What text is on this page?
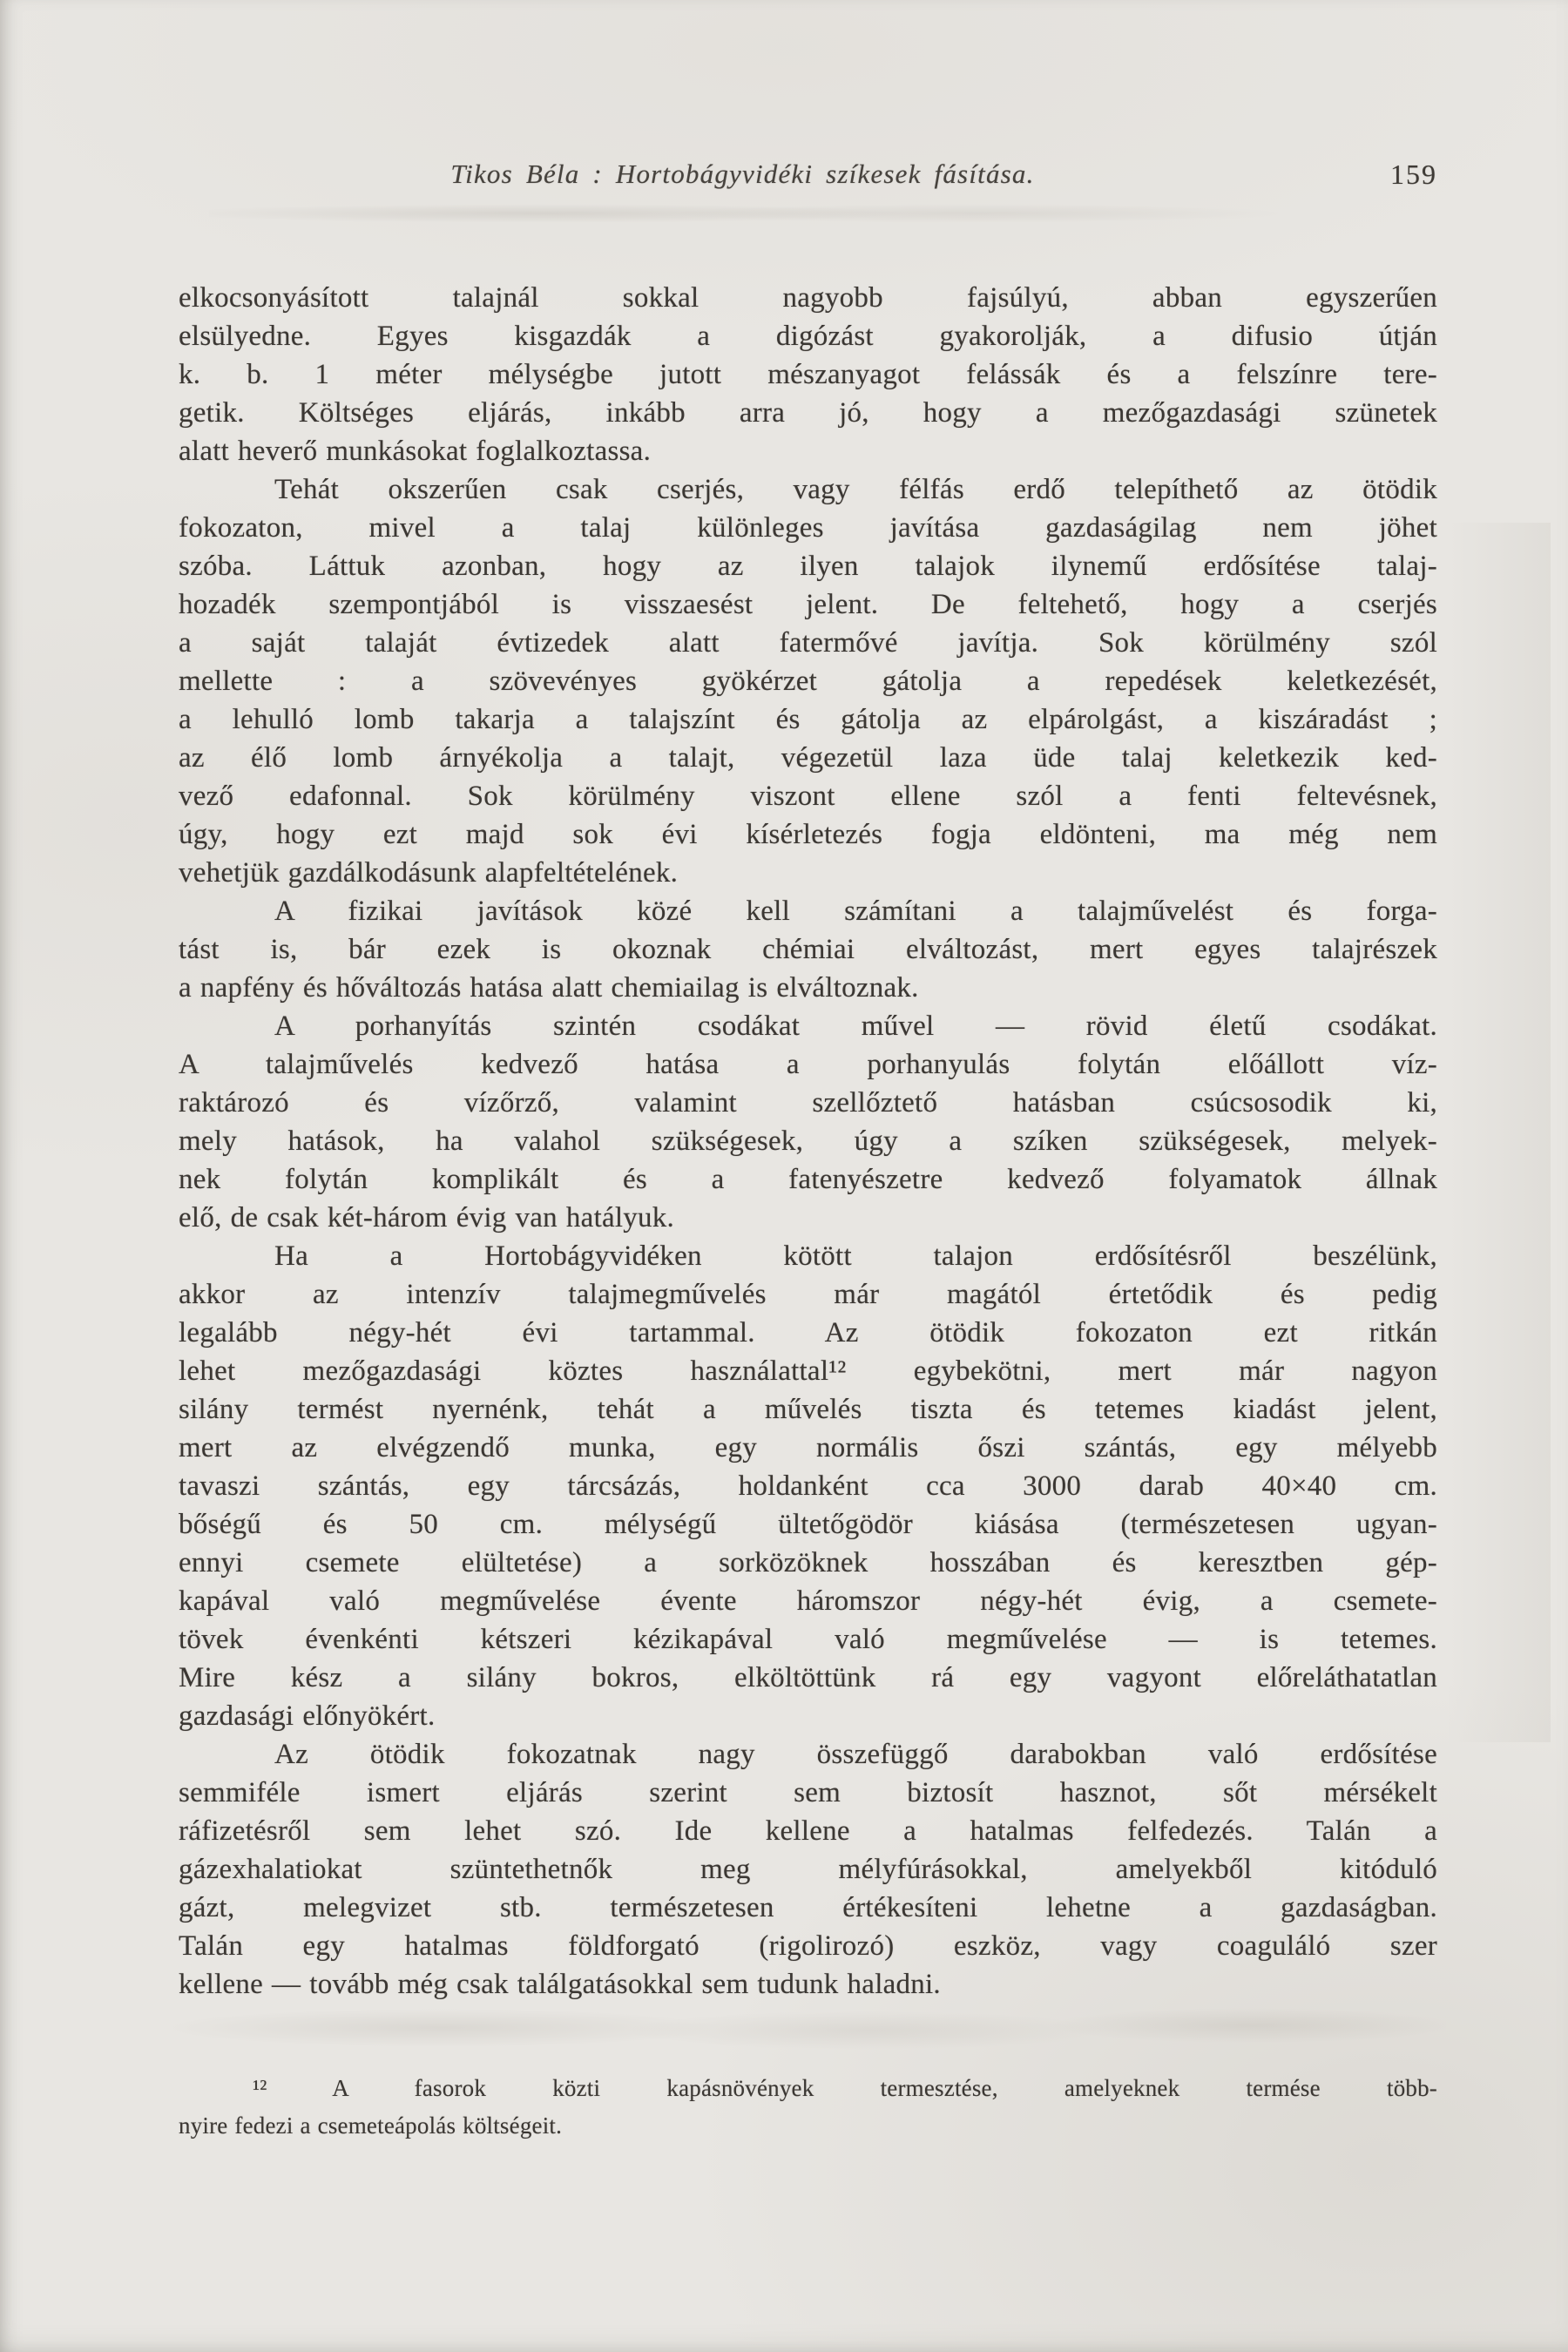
Tikos Béla : Hortobágyvidéki szíkesek fásítása.	159
elkocsonyásított talajnál sokkal nagyobb fajsúlyú, abban egyszerűen
elsülyedne. Egyes kisgazdák a digózást gyakorolják, a difusio útján
k. b. 1 méter mélységbe jutott mészanyagot felássák és a felszínre tere-
getik. Költséges eljárás, inkább arra jó, hogy a mezőgazdasági szünetek
alatt heverő munkásokat foglalkoztassa.
Tehát okszerűen csak cserjés, vagy félfás erdő telepíthető az ötödik
fokozaton, mivel a talaj különleges javítása gazdaságilag nem jöhet
szóba. Láttuk azonban, hogy az ilyen talajok ilynemű erdősítése talaj-
hozadék szempontjából is visszaesést jelent. De feltehető, hogy a cserjés
a saját talaját évtizedek alatt fatermővé javítja. Sok körülmény szól
mellette : a szövevényes gyökérzet gátolja a repedések keletkezését,
a lehulló lomb takarja a talajszínt és gátolja az elpárolgást, a kiszáradást ;
az élő lomb árnyékolja a talajt, végezetül laza üde talaj keletkezik ked-
vező edafonnal. Sok körülmény viszont ellene szól a fenti feltevésnek,
úgy, hogy ezt majd sok évi kísérletezés fogja eldönteni, ma még nem
vehetjük gazdálkodásunk alapfeltételének.
A fizikai javítások közé kell számítani a talajművelést és forga-
tást is, bár ezek is okoznak chémiai elváltozást, mert egyes talajrészek
a napfény és hőváltozás hatása alatt chemiailag is elváltoznak.
A porhanyítás szintén csodákat művel — rövid életű csodákat.
A talajművelés kedvező hatása a porhanyulás folytán előállott víz-
raktározó és vízőrző, valamint szellőztető hatásban csúcsosodik ki,
mely hatások, ha valahol szükségesek, úgy a szíken szükségesek, melyek-
nek folytán komplikált és a fatenyészetre kedvező folyamatok állnak
elő, de csak két-három évig van hatályuk.
Ha a Hortobágyvidéken kötött talajon erdősítésről beszélünk,
akkor az intenzív talajmegművelés már magától értetődik és pedig
legalább négy-hét évi tartammal. Az ötödik fokozaton ezt ritkán
lehet mezőgazdasági köztes használattal¹² egybekötni, mert már nagyon
silány termést nyernénk, tehát a művelés tiszta és tetemes kiadást jelent,
mert az elvégzendő munka, egy normális őszi szántás, egy mélyebb
tavaszi szántás, egy tárcsázás, holdanként cca 3000 darab 40×40 cm.
bőségű és 50 cm. mélységű ültetőgödör kiásása (természetesen ugyan-
ennyi csemete elültetése) a sorközöknek hosszában és keresztben gép-
kapával való megművelése évente háromszor négy-hét évig, a csemete-
tövek évenkénti kétszeri kézikapával való megművelése — is tetemes.
Mire kész a silány bokros, elköltöttünk rá egy vagyont előreláthatatlan
gazdasági előnyökért.
Az ötödik fokozatnak nagy összefüggő darabokban való erdősítése
semmiféle ismert eljárás szerint sem biztosít hasznot, sőt mérsékelt
ráfizetésről sem lehet szó. Ide kellene a hatalmas felfedezés. Talán a
gázexhalatiokat szüntethetnők meg mélyfúrásokkal, amelyekből kitóduló
gázt, melegvizet stb. természetesen értékesíteni lehetne a gazdaságban.
Talán egy hatalmas földforgató (rigolirozó) eszköz, vagy coaguláló szer
kellene — tovább még csak találgatásokkal sem tudunk haladni.
¹² A fasorok közti kapásnövények termesztése, amelyeknek termése több-
nyire fedezi a csemeteápolás költségeit.
